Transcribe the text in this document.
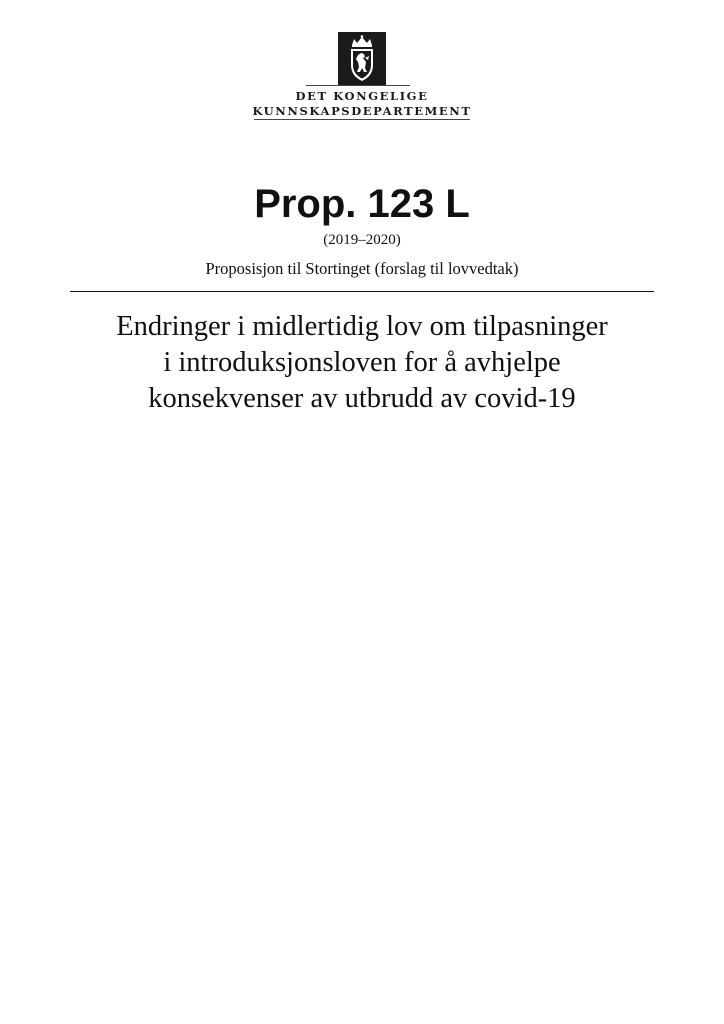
DET KONGELIGE
KUNNSKAPSDEPARTEMENT
Prop. 123 L
(2019–2020)
Proposisjon til Stortinget (forslag til lovvedtak)
Endringer i midlertidig lov om tilpasninger
i introduksjonsloven for å avhjelpe
konsekvenser av utbrudd av covid-19
